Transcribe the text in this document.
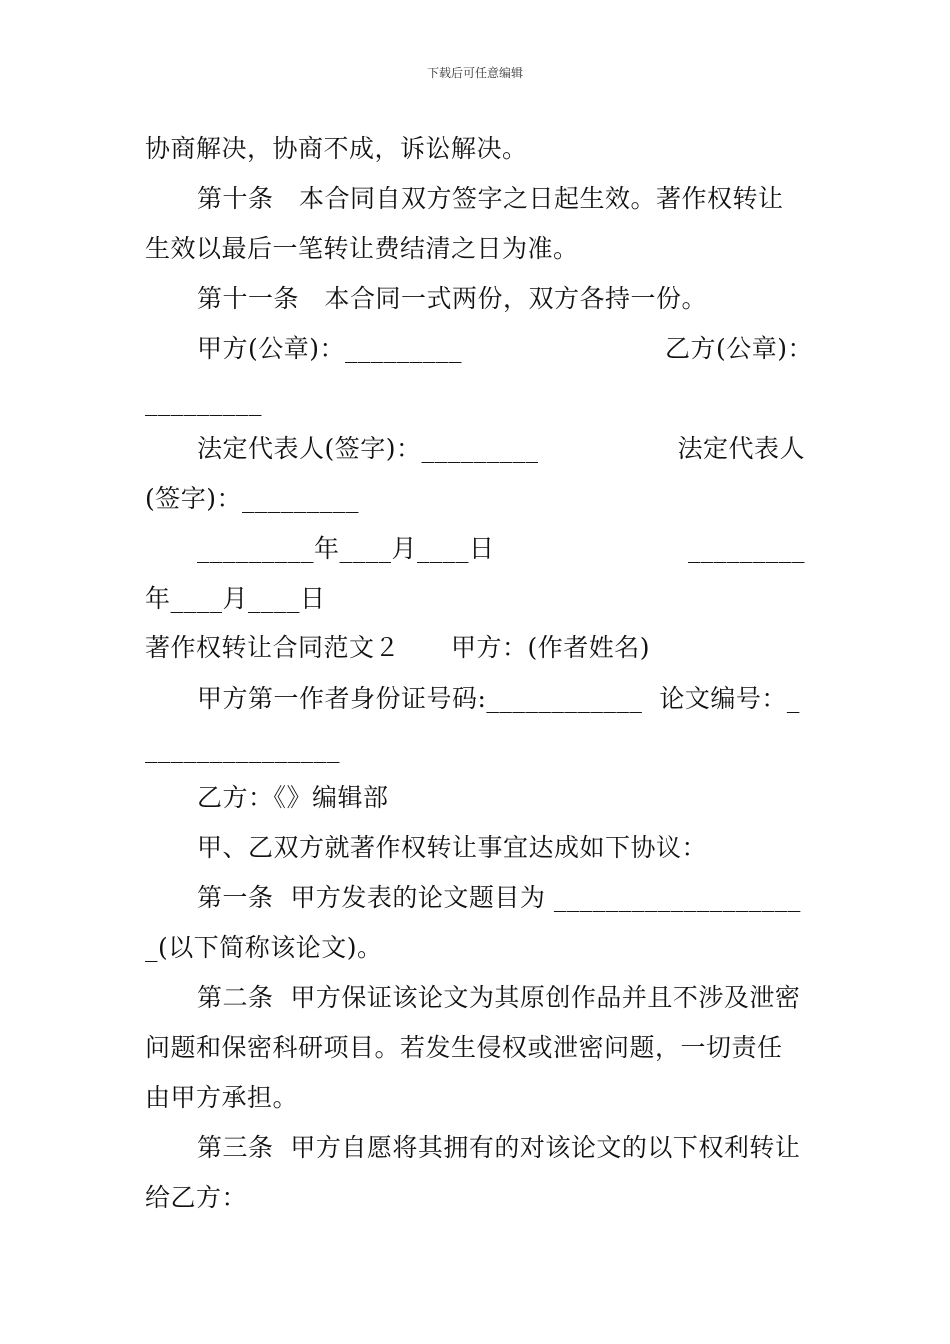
下载后可任意编辑
协商解决，协商不成，诉讼解决。
第十条　本合同自双方签字之日起生效。著作权转让
生效以最后一笔转让费结清之日为准。
第十一条　本合同一式两份，双方各持一份。
甲方(公章)：_________	乙方(公章)：
_________
法定代表人(签字)：_________	法定代表人
(签字)：_________
_________年____月____日	_________
年____月____日
著作权转让合同范文２　　甲方：(作者姓名)
甲方第一作者身份证号码:____________  论文编号：_
_______________
乙方：《》编辑部
甲、乙双方就著作权转让事宜达成如下协议：
第一条  甲方发表的论文题目为 ___________________
_(以下简称该论文)。
第二条  甲方保证该论文为其原创作品并且不涉及泄密
问题和保密科研项目。若发生侵权或泄密问题，一切责任
由甲方承担。
第三条  甲方自愿将其拥有的对该论文的以下权利转让
给乙方：
